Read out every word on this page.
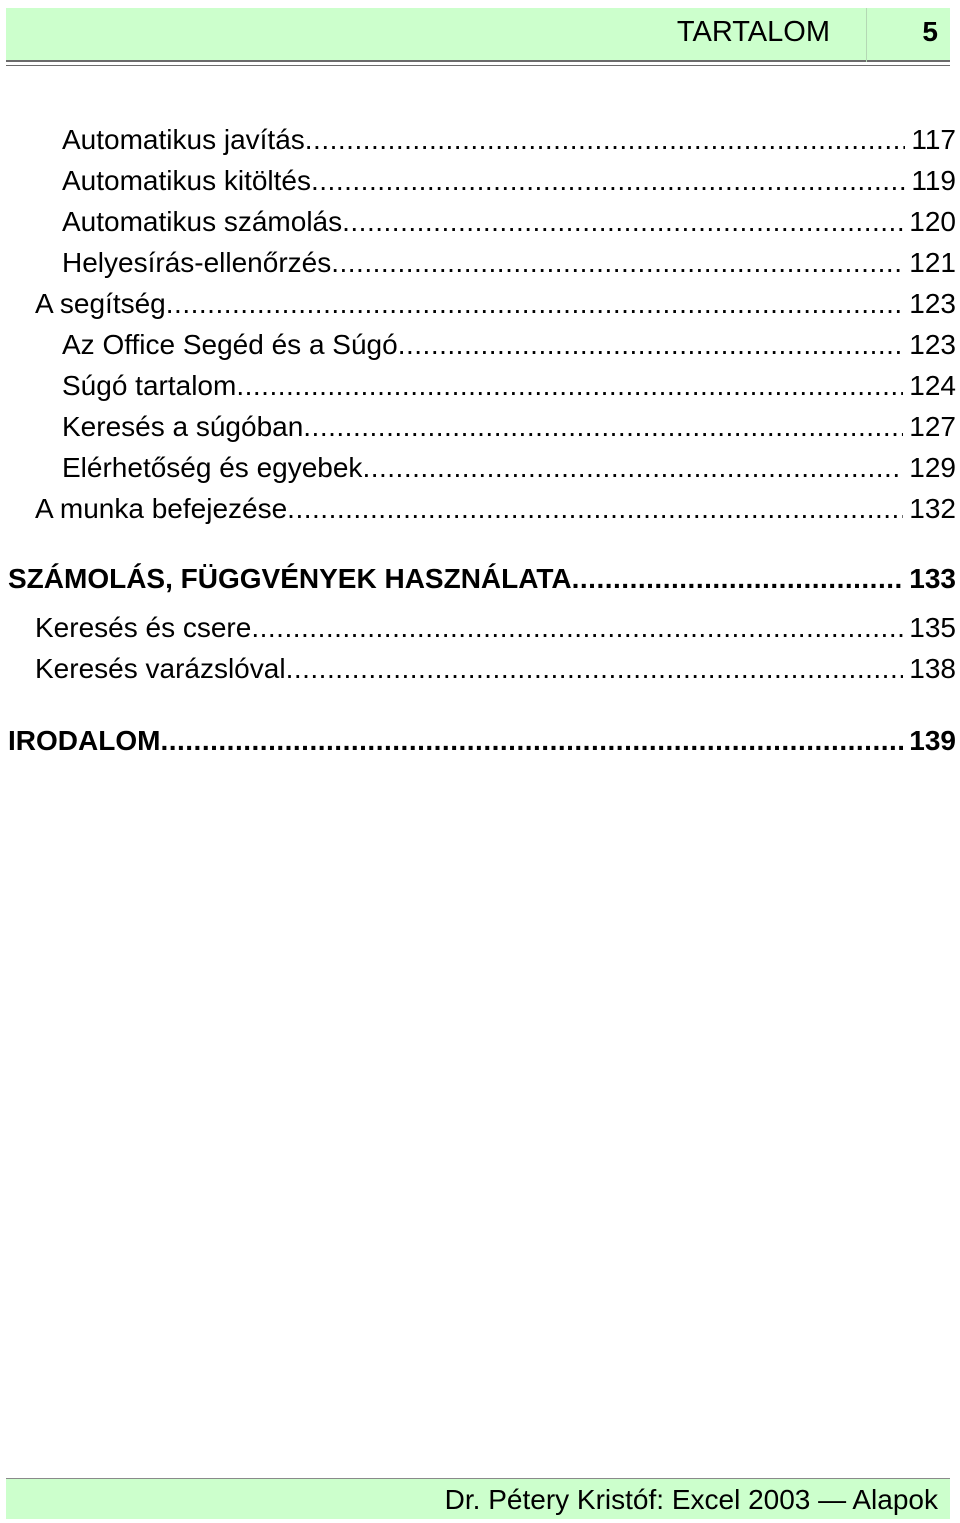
TARTALOM	5
Automatikus javítás .....	117
Automatikus kitöltés .....	119
Automatikus számolás .....	120
Helyesírás-ellenőrzés .....	121
A segítség .....	123
Az Office Segéd és a Súgó .....	123
Súgó tartalom .....	124
Keresés a súgóban .....	127
Elérhetőség és egyebek .....	129
A munka befejezése .....	132
SZÁMOLÁS, FÜGGVÉNYEK HASZNÁLATA .....	133
Keresés és csere .....	135
Keresés varázslóval .....	138
IRODALOM .....	139
Dr. Pétery Kristóf: Excel 2003 — Alapok
